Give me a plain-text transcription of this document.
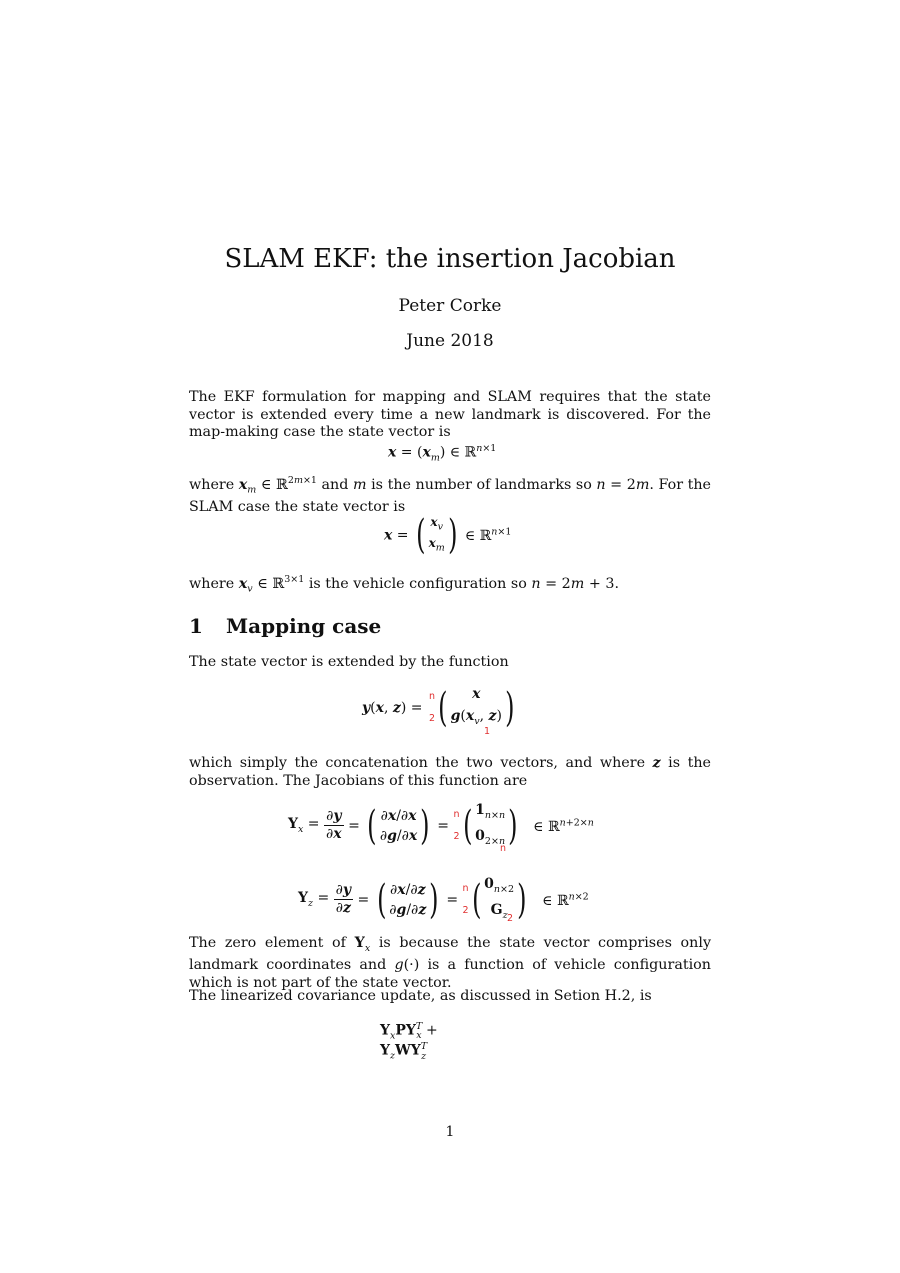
SLAM EKF: the insertion Jacobian
Peter Corke
June 2018
The EKF formulation for mapping and SLAM requires that the state vector is extended every time a new landmark is discovered. For the map-making case the state vector is
$x = (x_m)$ ∈ ℝ$^{n\times 1}$
where $x_m$ ∈ ℝ$^{2m\times 1}$ and m is the number of landmarks so n = 2m. For the SLAM case the state vector is
x = ( $x_v$
$x_m$) ∈ ℝ$^{n\times 1}$
where $x_v$ ∈ ℝ$^{3\times 1}$ is the vehicle configuration so n = 2m + 3.
1 Mapping case
The state vector is extended by the function
y(x, z) = n
2( x
$g(x_v$, z))
1
which simply the concatenation the two vectors, and where z is the observation. The Jacobians of this function are
$Y_x = \frac{\partial y}{\partial x}$ = ( ∂x/∂x
∂g/∂x) = n
2( $1_{n\times n}$
$0_{2\times n}$) ∈ ℝ$^{n+2\times n}$
n
$Y_z = \frac{\partial y}{\partial z}$ = ( ∂x/∂z
∂g/∂z) = n
2( $0_{n\times 2}$
$G_z$ ) ∈ ℝ$^{n\times 2}$
2
The zero element of $Y_x$ is because the state vector comprises only landmark coordinates and g(·) is a function of vehicle configuration which is not part of the state vector.
The linearized covariance update, as discussed in Setion H.2, is
$Y_xPY^T_x + Y_zWY^T_z$
1
